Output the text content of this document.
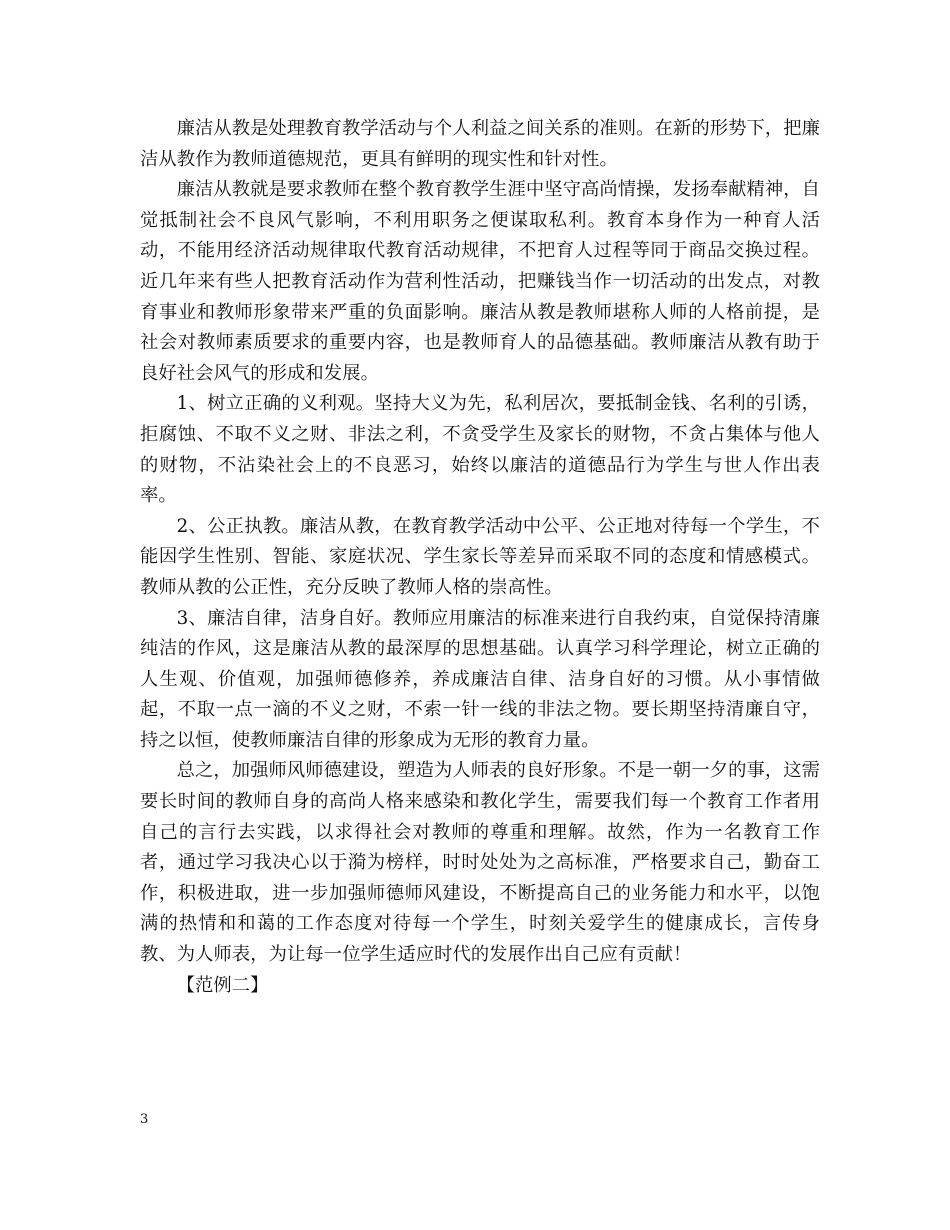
廉洁从教是处理教育教学活动与个人利益之间关系的准则。在新的形势下，把廉洁从教作为教师道德规范，更具有鲜明的现实性和针对性。

廉洁从教就是要求教师在整个教育教学生涯中坚守高尚情操，发扬奉献精神，自觉抵制社会不良风气影响，不利用职务之便谋取私利。教育本身作为一种育人活动，不能用经济活动规律取代教育活动规律，不把育人过程等同于商品交换过程。近几年来有些人把教育活动作为营利性活动，把赚钱当作一切活动的出发点，对教育事业和教师形象带来严重的负面影响。廉洁从教是教师堪称人师的人格前提，是社会对教师素质要求的重要内容，也是教师育人的品德基础。教师廉洁从教有助于良好社会风气的形成和发展。

1、树立正确的义利观。坚持大义为先，私利居次，要抵制金钱、名利的引诱，拒腐蚀、不取不义之财、非法之利，不贪受学生及家长的财物，不贪占集体与他人的财物，不沾染社会上的不良恶习，始终以廉洁的道德品行为学生与世人作出表率。

2、公正执教。廉洁从教，在教育教学活动中公平、公正地对待每一个学生，不能因学生性别、智能、家庭状况、学生家长等差异而采取不同的态度和情感模式。教师从教的公正性，充分反映了教师人格的崇高性。

3、廉洁自律，洁身自好。教师应用廉洁的标准来进行自我约束，自觉保持清廉纯洁的作风，这是廉洁从教的最深厚的思想基础。认真学习科学理论，树立正确的人生观、价值观，加强师德修养，养成廉洁自律、洁身自好的习惯。从小事情做起，不取一点一滴的不义之财，不索一针一线的非法之物。要长期坚持清廉自守，持之以恒，使教师廉洁自律的形象成为无形的教育力量。

总之，加强师风师德建设，塑造为人师表的良好形象。不是一朝一夕的事，这需要长时间的教师自身的高尚人格来感染和教化学生，需要我们每一个教育工作者用自己的言行去实践，以求得社会对教师的尊重和理解。故然，作为一名教育工作者，通过学习我决心以于漪为榜样，时时处处为之高标准，严格要求自己，勤奋工作，积极进取，进一步加强师德师风建设，不断提高自己的业务能力和水平，以饱满的热情和和蔼的工作态度对待每一个学生，时刻关爱学生的健康成长，言传身教、为人师表，为让每一位学生适应时代的发展作出自己应有贡献！

【范例二】

3
